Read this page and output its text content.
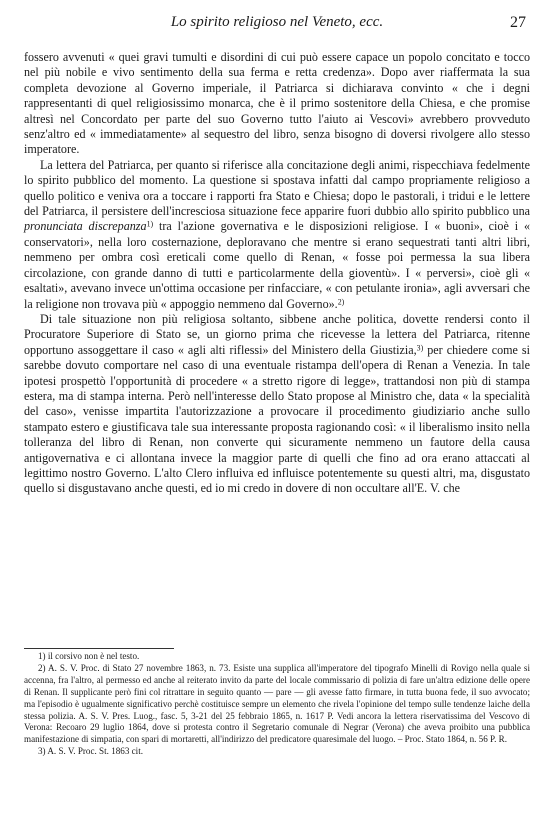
Lo spirito religioso nel Veneto, ecc.	27

fossero avvenuti « quei gravi tumulti e disordini di cui può essere capace un popolo concitato e tocco nel più nobile e vivo sentimento della sua ferma e retta credenza». Dopo aver riaffermata la sua completa devozione al Governo imperiale, il Patriarca si dichiarava convinto « che i degni rappresentanti di quel religiosissimo monarca, che è il primo sostenitore della Chiesa, e che promise altresì nel Concordato per parte del suo Governo tutto l'aiuto ai Vescovi» avrebbero provveduto senz'altro ed « immediatamente» al sequestro del libro, senza bisogno di doversi rivolgere allo stesso imperatore.

La lettera del Patriarca, per quanto si riferisce alla concitazione degli animi, rispecchiava fedelmente lo spirito pubblico del momento. La questione si spostava infatti dal campo propriamente religioso a quello politico e veniva ora a toccare i rapporti fra Stato e Chiesa; dopo le pastorali, i tridui e le lettere del Patriarca, il persistere dell'incresciosa situazione fece apparire fuori dubbio allo spirito pubblico una pronunciata discrepanza$^{1)}$ tra l'azione governativa e le disposizioni religiose. I « buoni», cioè i « conservatori», nella loro costernazione, deploravano che mentre si erano sequestrati tanti altri libri, nemmeno per ombra così ereticali come quello di Renan, « fosse poi permessa la sua libera circolazione, con grande danno di tutti e particolarmente della gioventù». I « perversi», cioè gli « esaltati», avevano invece un'ottima occasione per rinfacciare, « con petulante ironia», agli avversari che la religione non trovava più « appoggio nemmeno dal Governo».$^{2)}$

Di tale situazione non più religiosa soltanto, sibbene anche politica, dovette rendersi conto il Procuratore Superiore di Stato se, un giorno prima che ricevesse la lettera del Patriarca, ritenne opportuno assoggettare il caso « agli alti riflessi» del Ministero della Giustizia,$^{3)}$ per chiedere come si sarebbe dovuto comportare nel caso di una eventuale ristampa dell'opera di Renan a Venezia. In tale ipotesi prospettò l'opportunità di procedere « a stretto rigore di legge», trattandosi non più di stampa estera, ma di stampa interna. Però nell'interesse dello Stato propose al Ministro che, data « la specialità del caso», venisse impartita l'autorizzazione a provocare il procedimento giudiziario anche sullo stampato estero e giustificava tale sua interessante proposta ragionando così: « il liberalismo insito nella tolleranza del libro di Renan, non converte qui sicuramente nemmeno un fautore della causa antigovernativa e ci allontana invece la maggior parte di quelli che fino ad ora erano attaccati al legittimo nostro Governo. L'alto Clero influiva ed influisce potentemente su questi altri, ma, disgustato quello si disgustavano anche questi, ed io mi credo in dovere di non occultare all'E. V. che

1) il corsivo non è nel testo.

2) A. S. V. Proc. di Stato 27 novembre 1863, n. 73. Esiste una supplica all'imperatore del tipografo Minelli di Rovigo nella quale si accenna, fra l'altro, al permesso ed anche al reiterato invito da parte del locale commissario di polizia di fare un'altra edizione delle opere di Renan. Il supplicante però fini col ritrattare in seguito quanto — pare — gli avesse fatto firmare, in tutta buona fede, il suo avvocato; ma l'episodio è ugualmente significativo perchè costituisce sempre un elemento che rivela l'opinione del tempo sulle tendenze laiche della stessa polizia. A. S. V. Pres. Luog., fasc. 5, 3-21 del 25 febbraio 1865, n. 1617 P. Vedi ancora la lettera riservatissima del Vescovo di Verona: Recoaro 29 luglio 1864, dove si protesta contro il Segretario comunale di Negrar (Verona) che aveva proibito una pubblica manifestazione di simpatia, con spari di mortaretti, all'indirizzo del predicatore quaresimale del luogo. – Proc. Stato 1864, n. 56 P. R.

3) A. S. V. Proc. St. 1863 cit.
